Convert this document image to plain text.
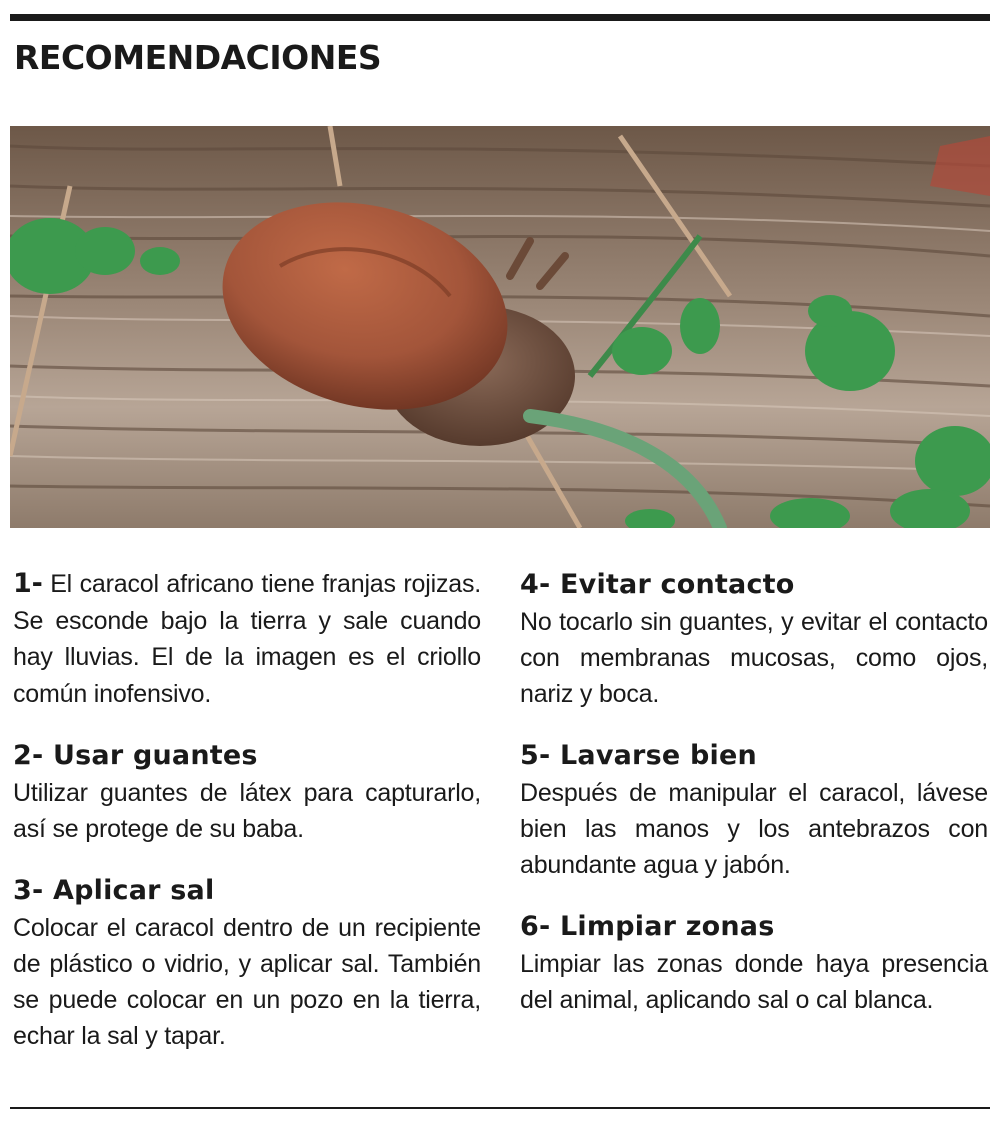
RECOMENDACIONES
1- El caracol africano tiene franjas rojizas. Se esconde bajo la tierra y sale cuando hay lluvias. El de la imagen es el criollo común inofensivo.
2- Usar guantes
Utilizar guantes de látex para capturarlo, así se protege de su baba.
3- Aplicar sal
Colocar el caracol dentro de un recipiente de plástico o vidrio, y aplicar sal. También se puede colocar en un pozo en la tierra, echar la sal y tapar.
4- Evitar contacto
No tocarlo sin guantes, y evitar el contacto con membranas mucosas, como ojos, nariz y boca.
5- Lavarse bien
Después de manipular el caracol, lávese bien las manos y los antebrazos con abundante agua y jabón.
6- Limpiar zonas
Limpiar las zonas donde haya presencia del animal, aplicando sal o cal blanca.
